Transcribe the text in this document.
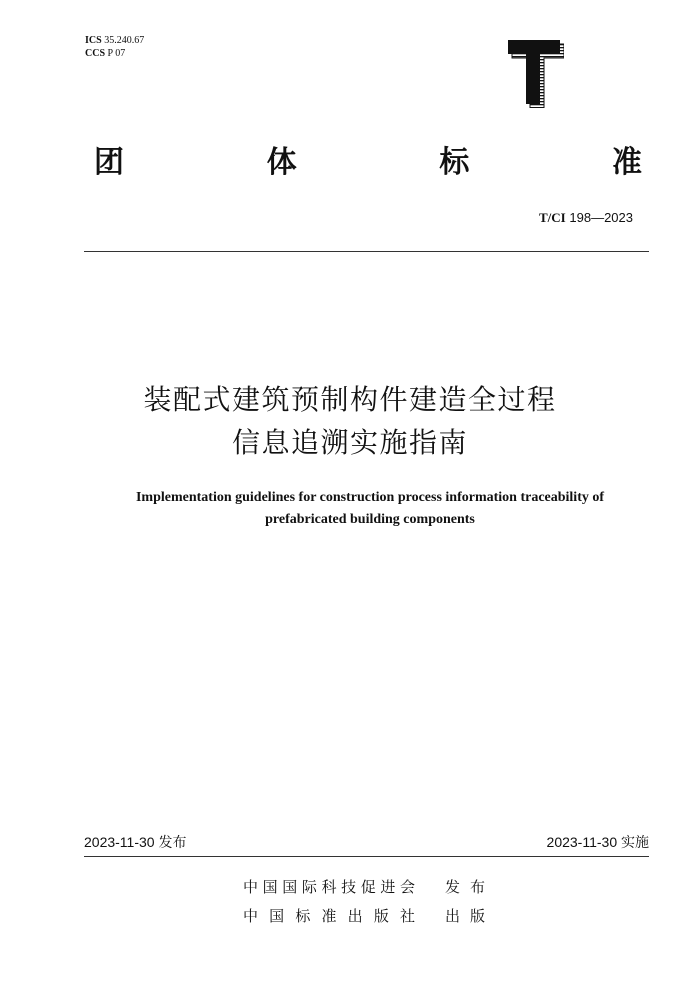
ICS 35.240.67
CCS P 07
团	体	标	准
T/CI 198—2023
装配式建筑预制构件建造全过程
信息追溯实施指南
Implementation guidelines for construction process information traceability of
prefabricated building components
2023-11-30 发布	2023-11-30 实施
中国国际科技促进会 发布
中国标准出版社 出版
